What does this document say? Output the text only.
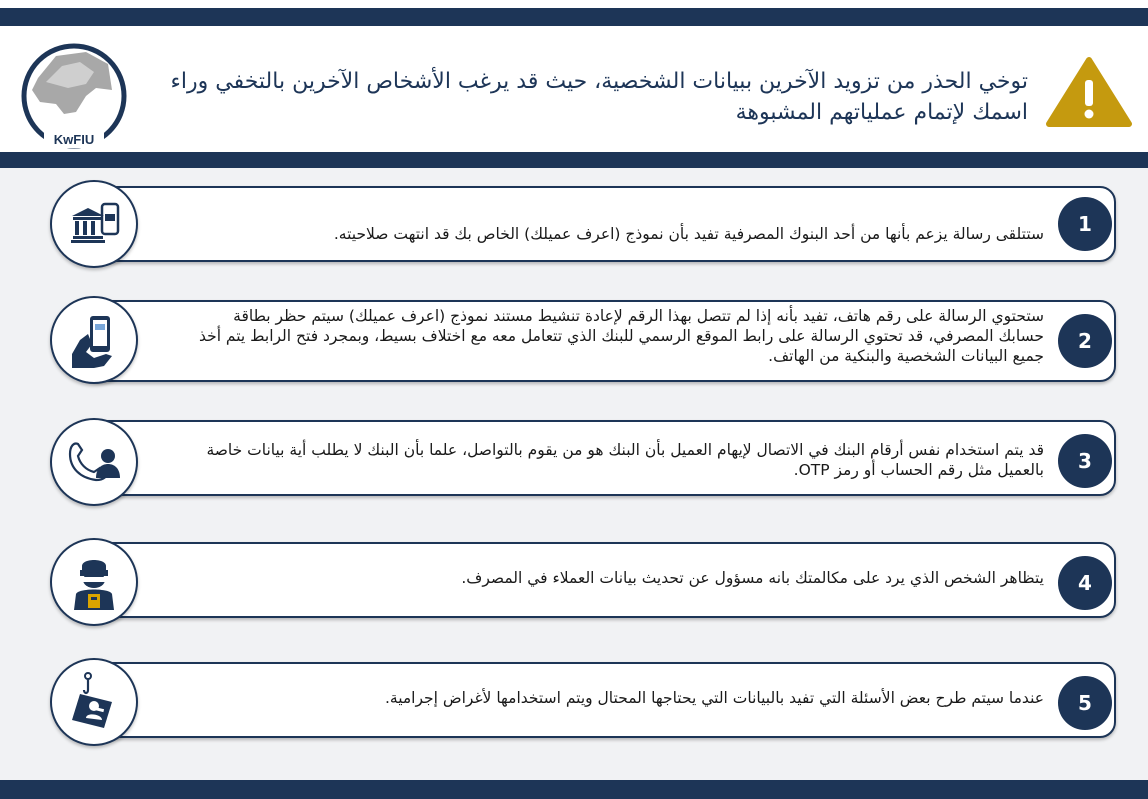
KwFIU
توخي الحذر من تزويد الآخرين ببيانات الشخصية، حيث قد يرغب الأشخاص الآخرين بالتخفي وراء اسمك لإتمام عملياتهم المشبوهة
ستتلقى رسالة يزعم بأنها من أحد البنوك المصرفية تفيد بأن نموذج (اعرف عميلك) الخاص بك قد انتهت صلاحيته.	1
ستحتوي الرسالة على رقم هاتف، تفيد بأنه إذا لم تتصل بهذا الرقم لإعادة تنشيط مستند نموذج (اعرف عميلك) سيتم حظر بطاقة حسابك المصرفي، قد تحتوي الرسالة على رابط الموقع الرسمي للبنك الذي تتعامل معه مع اختلاف بسيط، وبمجرد فتح الرابط يتم أخذ جميع البيانات الشخصية والبنكية من الهاتف.
2
قد يتم استخدام نفس أرقام البنك في الاتصال لإيهام العميل بأن البنك هو من يقوم بالتواصل، علما بأن البنك لا يطلب أية بيانات خاصة بالعميل مثل رقم الحساب أو رمز OTP.	3
يتظاهر الشخص الذي يرد على مكالمتك بانه مسؤول عن تحديث بيانات العملاء في المصرف.	4
عندما سيتم طرح بعض الأسئلة التي تفيد بالبيانات التي يحتاجها المحتال ويتم استخدامها لأغراض إجرامية.	5
